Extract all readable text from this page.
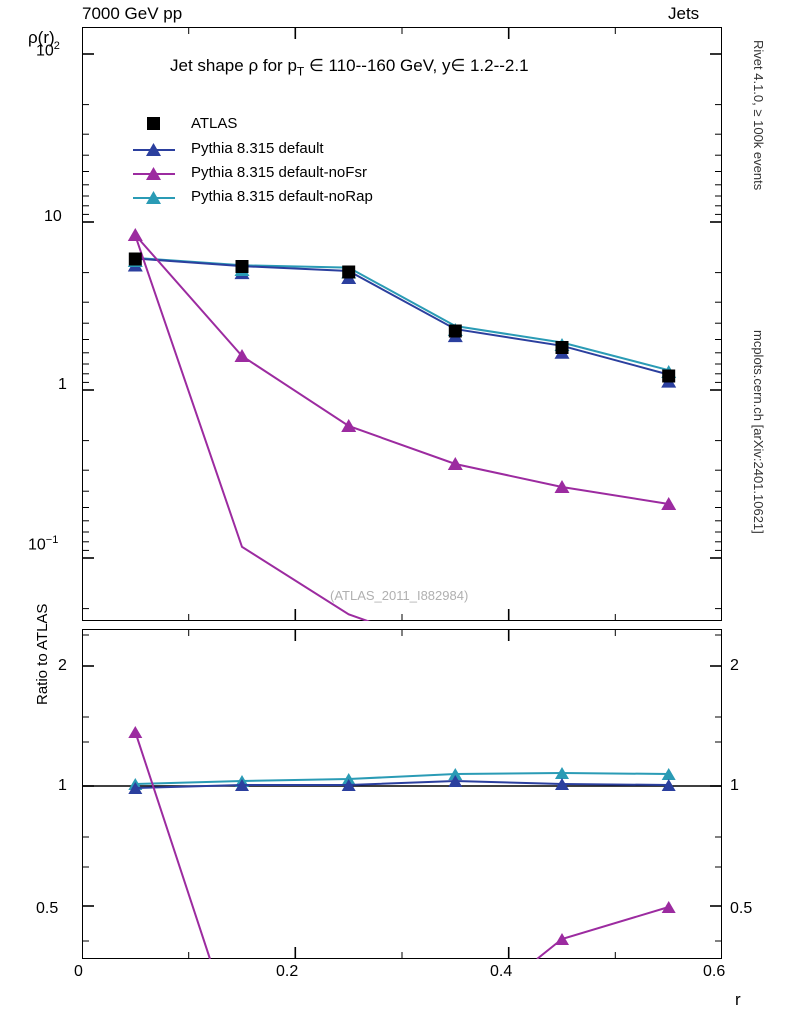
7000 GeV pp	Jets
Rivet 4.1.0, ≥ 100k events
mcplots.cern.ch [arXiv:2401.10621]
ρ(r)
$10^2$
10
1
$10^{-1}$
Jet shape ρ for $p_T$ ∈ 110--160 GeV, y∈ 1.2--2.1
ATLAS
Pythia 8.315 default
Pythia 8.315 default-noFsr
Pythia 8.315 default-noRap
(ATLAS_2011_I882984)
Ratio to ATLAS 2
1
0.5
2
1
0.5
0	0.2	0.4	0.6
r
